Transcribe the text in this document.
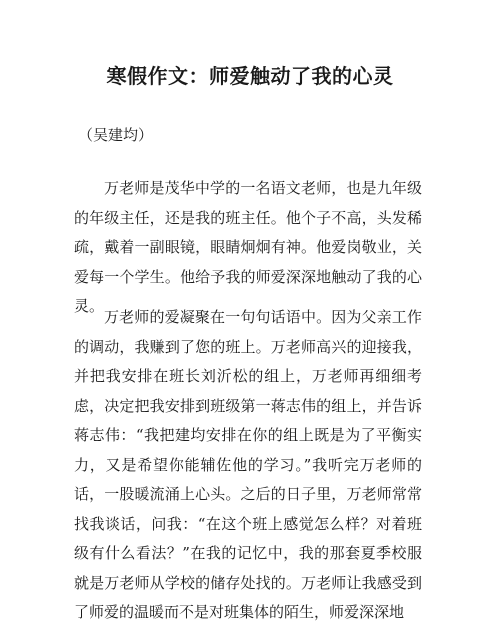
寒假作文：师爱触动了我的心灵

（吴建均）

万老师是茂华中学的一名语文老师，也是九年级的年级主任，还是我的班主任。他个子不高，头发稀疏，戴着一副眼镜，眼睛炯炯有神。他爱岗敬业，关爱每一个学生。他给予我的师爱深深地触动了我的心灵。

万老师的爱凝聚在一句句话语中。因为父亲工作的调动，我赚到了您的班上。万老师高兴的迎接我，并把我安排在班长刘沂松的组上，万老师再细细考虑，决定把我安排到班级第一蒋志伟的组上，并告诉蒋志伟：“我把建均安排在你的组上既是为了平衡实力，又是希望你能辅佐他的学习。”我听完万老师的话，一股暖流涌上心头。之后的日子里，万老师常常找我谈话，问我：“在这个班上感觉怎么样？对着班级有什么看法？”在我的记忆中，我的那套夏季校服就是万老师从学校的储存处找的。万老师让我感受到了师爱的温暖而不是对班集体的陌生，师爱深深地
